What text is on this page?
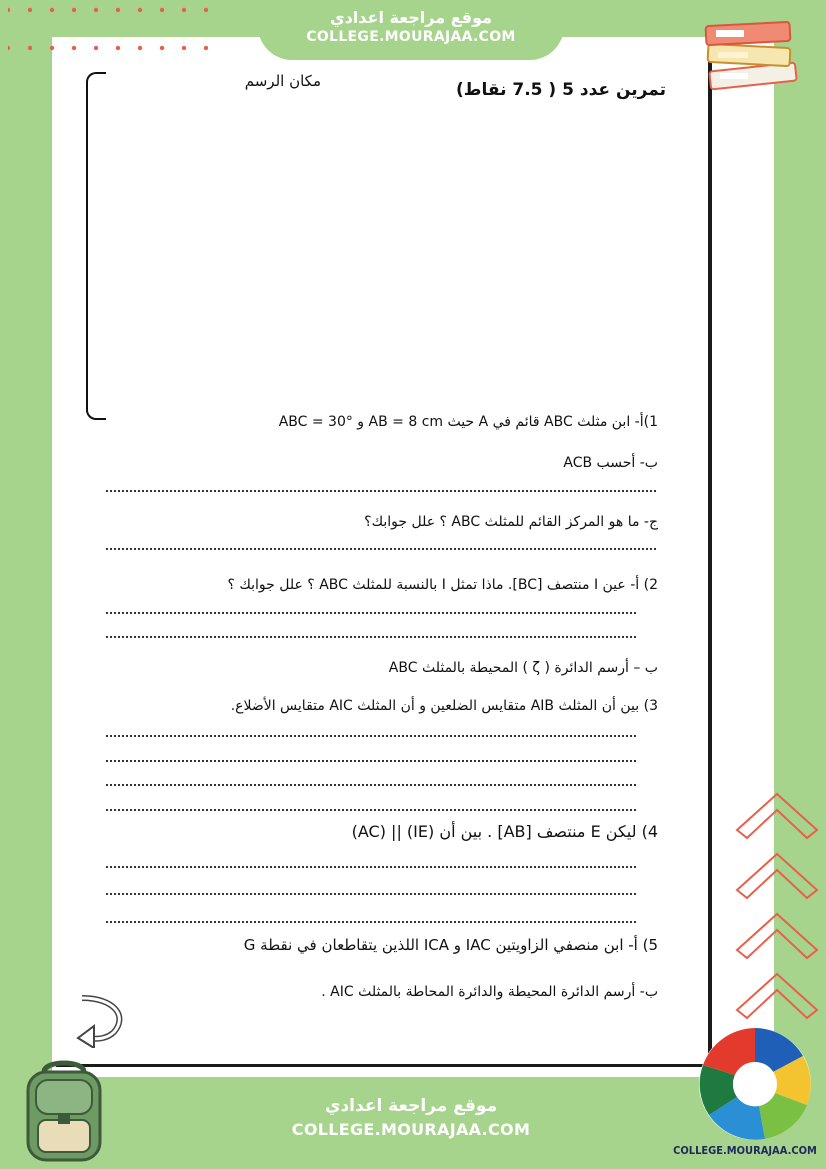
موقع مراجعة اعدادي
COLLEGE.MOURAJAA.COM
تمرين عدد 5 ( 7.5 نقاط)
مكان الرسم
1)أ- ابن مثلث ABC قائم في A حيث AB = 8 cm و ABC = 30°
ب- أحسب ACB
ج- ما هو المركز القائم للمثلث ABC ؟ علل جوابك؟
2) أ- عين I منتصف [BC]. ماذا تمثل I بالنسبة للمثلث ABC ؟ علل جوابك ؟
ب – أرسم الدائرة ( ζ ) المحيطة بالمثلث ABC
3) بين أن المثلث AIB متقايس الضلعين و أن المثلث AIC متقايس الأضلاع.
4) ليكن E منتصف [AB] . بين أن (IE) || (AC)
5) أ- ابن منصفي الزاويتين IAC و ICA اللذين يتقاطعان في نقطة G
ب- أرسم الدائرة المحيطة والدائرة المحاطة بالمثلث AIC .
COLLEGE.MOURAJAA.COM
موقع مراجعة اعدادي
COLLEGE.MOURAJAA.COM
